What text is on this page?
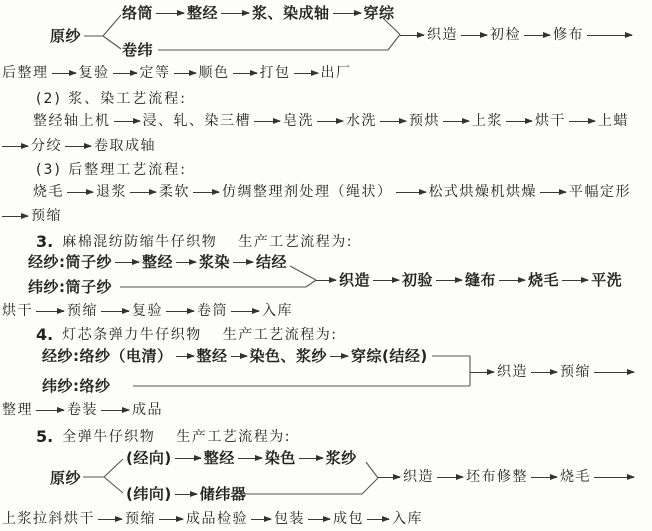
原纱
络筒 整经 浆、染成轴 穿综
卷纬
织造 初检 修布
后整理 复验 定等 顺色 打包 出厂
(2) 浆、染工艺流程:
整经轴上机 浸、轧、染三槽 皂洗 水洗 预烘 上浆 烘干 上蜡
分绞 卷取成轴
(3) 后整理工艺流程:
烧毛 退浆 柔软 仿绸整理剂处理（绳状）	松式烘燥机烘燥 平幅定形
预缩
3. 麻棉混纺防缩牛仔织物 生产工艺流程为:
经纱:筒子纱 整经 浆染 结经
纬纱:筒子纱	织造 初验 缝布 烧毛 平洗
烘干 预缩 复验 卷筒 入库
4. 灯芯条弹力牛仔织物 生产工艺流程为:
经纱:络纱（电清） 整经 染色、浆纱 穿综(结经)
纬纱:络纱
织造 预缩
整理 卷装 成品
5. 全弹牛仔织物 生产工艺流程为:
原纱
(经向) 整经 染色 浆纱
(纬向) 储纬器
织造 坯布修整 烧毛
上浆拉斜烘干 预缩 成品检验 包装 成包 入库
